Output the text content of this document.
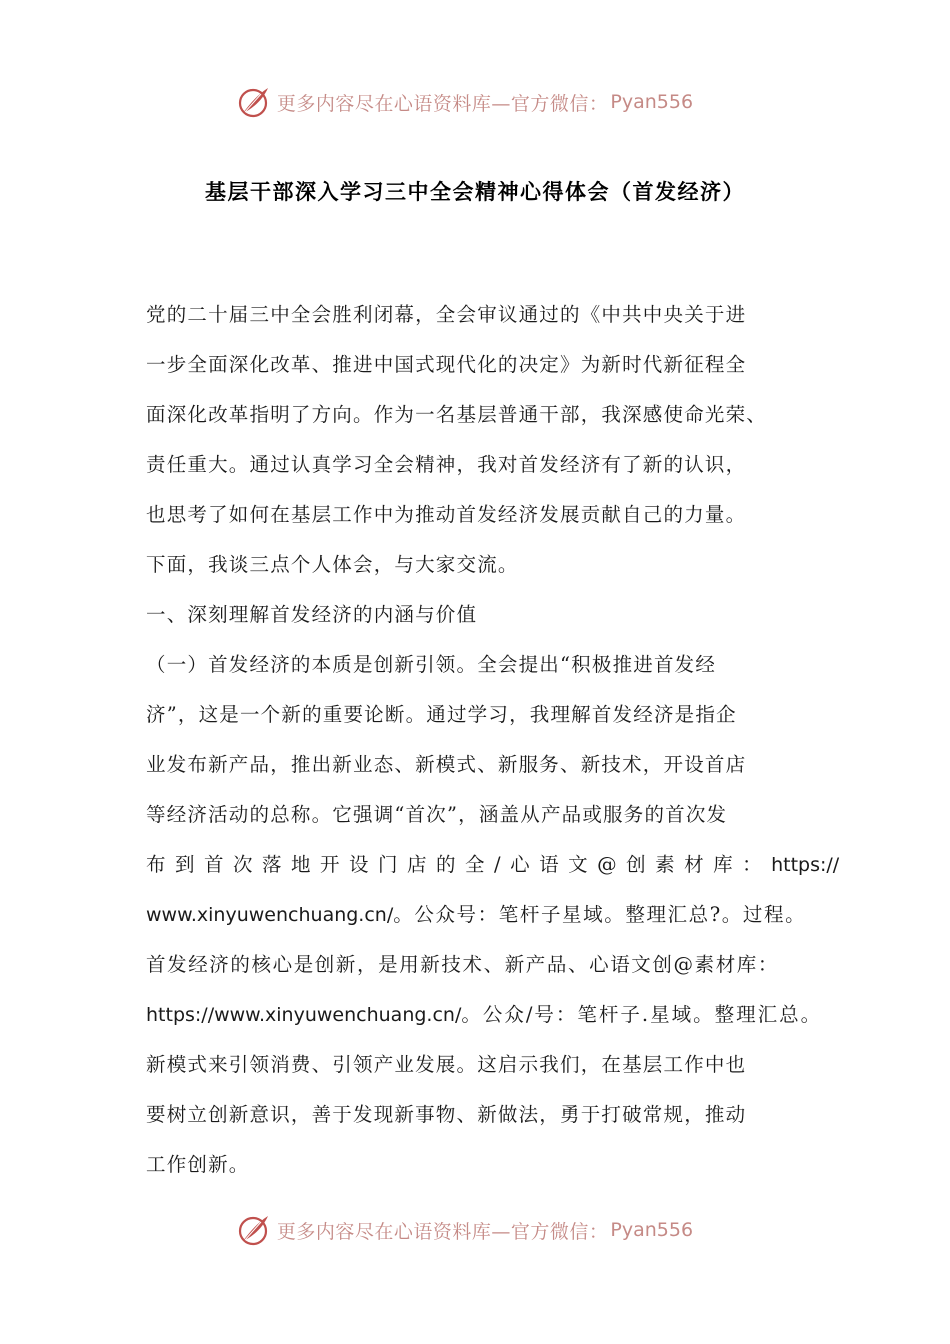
更多内容尽在心语资料库—官方微信： Pyan556
基层干部深入学习三中全会精神心得体会（首发经济）
党的二十届三中全会胜利闭幕，全会审议通过的《中共中央关于进
一步全面深化改革、推进中国式现代化的决定》为新时代新征程全
面深化改革指明了方向。作为一名基层普通干部，我深感使命光荣、
责任重大。通过认真学习全会精神，我对首发经济有了新的认识，
也思考了如何在基层工作中为推动首发经济发展贡献自己的力量。
下面，我谈三点个人体会，与大家交流。
一、深刻理解首发经济的内涵与价值
（一）首发经济的本质是创新引领。全会提出“积极推进首发经
济”，这是一个新的重要论断。通过学习，我理解首发经济是指企
业发布新产品，推出新业态、新模式、新服务、新技术，开设首店
等经济活动的总称。它强调“首次”，涵盖从产品或服务的首次发
布到首次落地开设门店的全/心语文@创素材库： https://
www.xinyuwenchuang.cn/。公众号：笔杆子星域。整理汇总?。过程。
首发经济的核心是创新，是用新技术、新产品、心语文创@素材库：
https://www.xinyuwenchuang.cn/。公众/号：笔杆子.星域。整理汇总。
新模式来引领消费、引领产业发展。这启示我们，在基层工作中也
要树立创新意识，善于发现新事物、新做法，勇于打破常规，推动
工作创新。
更多内容尽在心语资料库—官方微信： Pyan556
